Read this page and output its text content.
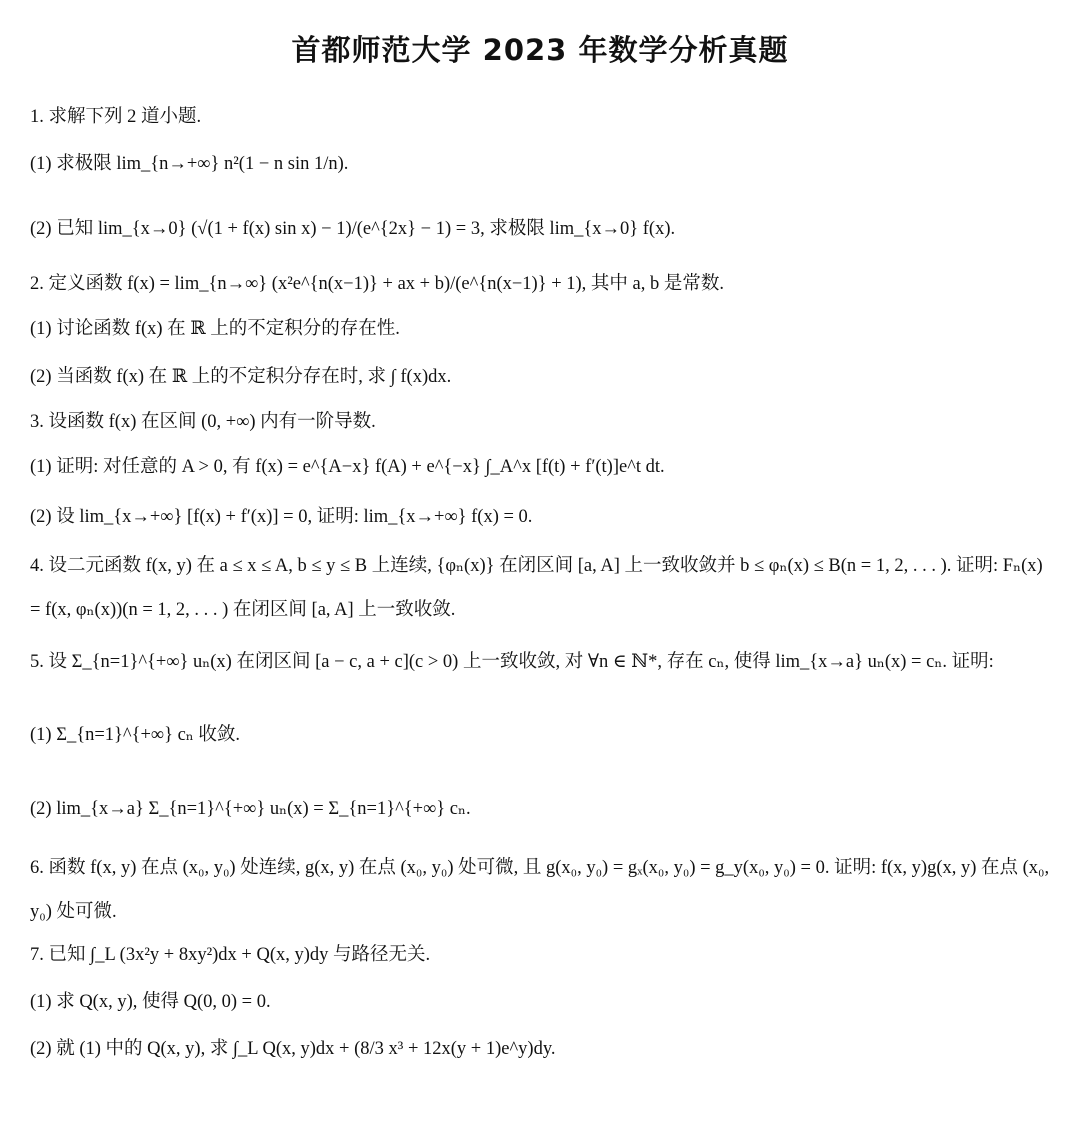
首都师范大学 2023 年数学分析真题
1. 求解下列 2 道小题.
(1) 求极限 lim_{n→+∞} n²(1 − n sin 1/n).
(2) 已知 lim_{x→0} (√(1 + f(x) sin x) − 1)/(e^{2x} − 1) = 3, 求极限 lim_{x→0} f(x).
2. 定义函数 f(x) = lim_{n→∞} (x²e^{n(x−1)} + ax + b)/(e^{n(x−1)} + 1), 其中 a, b 是常数.
(1) 讨论函数 f(x) 在 ℝ 上的不定积分的存在性.
(2) 当函数 f(x) 在 ℝ 上的不定积分存在时, 求 ∫ f(x)dx.
3. 设函数 f(x) 在区间 (0, +∞) 内有一阶导数.
(1) 证明: 对任意的 A > 0, 有 f(x) = e^{A−x} f(A) + e^{−x} ∫_A^x [f(t) + f′(t)]e^t dt.
(2) 设 lim_{x→+∞} [f(x) + f′(x)] = 0, 证明: lim_{x→+∞} f(x) = 0.
4. 设二元函数 f(x, y) 在 a ≤ x ≤ A, b ≤ y ≤ B 上连续, {φₙ(x)} 在闭区间 [a, A] 上一致收敛并 b ≤ φₙ(x) ≤ B(n = 1, 2, . . . ). 证明: Fₙ(x) = f(x, φₙ(x))(n = 1, 2, . . . ) 在闭区间 [a, A] 上一致收敛.
5. 设 Σ_{n=1}^{+∞} uₙ(x) 在闭区间 [a − c, a + c](c > 0) 上一致收敛, 对 ∀n ∈ ℕ*, 存在 cₙ, 使得 lim_{x→a} uₙ(x) = cₙ. 证明:
(1) Σ_{n=1}^{+∞} cₙ 收敛.
(2) lim_{x→a} Σ_{n=1}^{+∞} uₙ(x) = Σ_{n=1}^{+∞} cₙ.
6. 函数 f(x, y) 在点 (x₀, y₀) 处连续, g(x, y) 在点 (x₀, y₀) 处可微, 且 g(x₀, y₀) = gₓ(x₀, y₀) = g_y(x₀, y₀) = 0. 证明: f(x, y)g(x, y) 在点 (x₀, y₀) 处可微.
7. 已知 ∫_L (3x²y + 8xy²)dx + Q(x, y)dy 与路径无关.
(1) 求 Q(x, y), 使得 Q(0, 0) = 0.
(2) 就 (1) 中的 Q(x, y), 求 ∫_L Q(x, y)dx + (8/3 x³ + 12x(y + 1)e^y)dy.
